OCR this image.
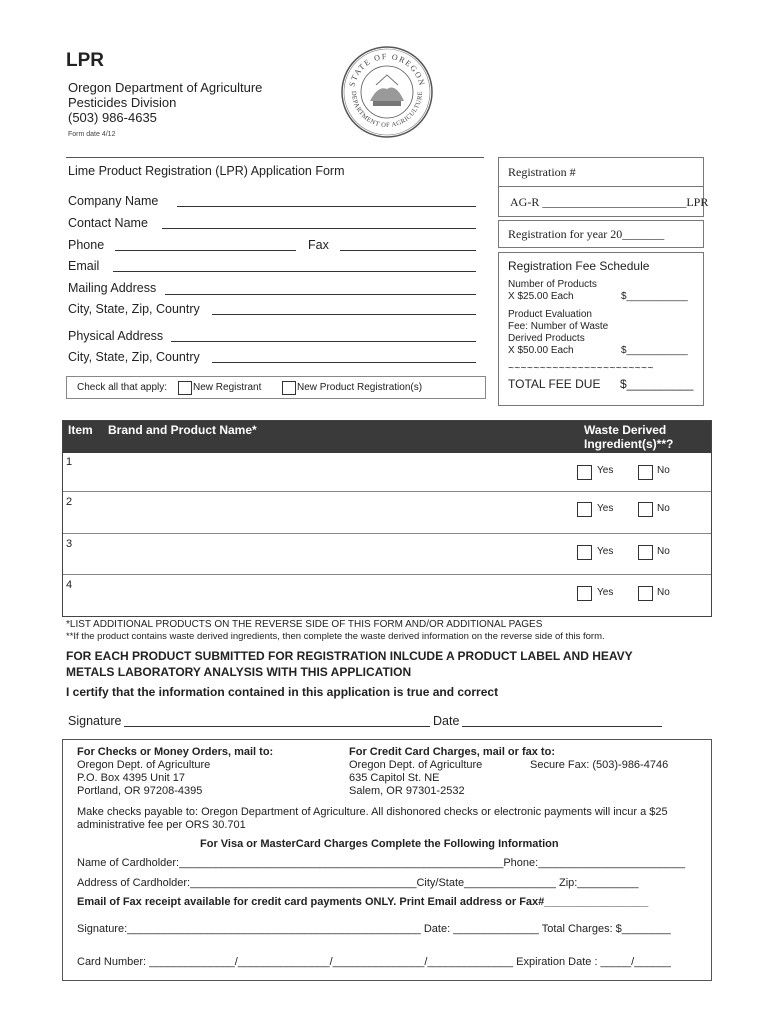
LPR
Oregon Department of Agriculture
Pesticides Division
(503) 986-4635
Form date 4/12
STATE OF OREGON
DEPARTMENT OF AGRICULTURE
Lime Product Registration (LPR) Application Form
Company Name
Contact Name
Phone	Fax
Email
Mailing Address
City, State, Zip, Country
Physical Address
City, State, Zip, Country
Check all that apply:	New Registrant	New Product Registration(s)
Registration #
AG-R ________________________LPR
Registration for year 20_______
Registration Fee Schedule
Number of Products
X $25.00 Each	$___________
Product Evaluation
Fee: Number of Waste
Derived Products
X $50.00 Each	$___________
~~~~~~~~~~~~~~~~~~~~~~~
TOTAL FEE DUE $__________
Item Brand and Product Name*	Waste Derived
Ingredient(s)**?
1
Yes	No
2
Yes	No
3
Yes	No
4
Yes	No
*LIST ADDITIONAL PRODUCTS ON THE REVERSE SIDE OF THIS FORM AND/OR ADDITIONAL PAGES
**If the product contains waste derived ingredients, then complete the waste derived information on the reverse side of this form.
FOR EACH PRODUCT SUBMITTED FOR REGISTRATION INLCUDE A PRODUCT LABEL AND HEAVY
METALS LABORATORY ANALYSIS WITH THIS APPLICATION
I certify that the information contained in this application is true and correct
Signature	Date
For Checks or Money Orders, mail to:
Oregon Dept. of Agriculture
P.O. Box 4395 Unit 17
Portland, OR 97208-4395
For Credit Card Charges, mail or fax to:
Oregon Dept. of Agriculture
635 Capitol St. NE
Salem, OR 97301-2532
Secure Fax: (503)-986-4746
Make checks payable to: Oregon Department of Agriculture. All dishonored checks or electronic payments will incur a $25
administrative fee per ORS 30.701
For Visa or MasterCard Charges Complete the Following Information
Name of Cardholder:_____________________________________________________Phone:________________________
Address of Cardholder:_____________________________________City/State_______________ Zip:__________
Email of Fax receipt available for credit card payments ONLY. Print Email address or Fax#_________________
Signature:________________________________________________ Date: ______________ Total Charges: $________
Card Number: ______________/_______________/_______________/______________ Expiration Date : _____/______
